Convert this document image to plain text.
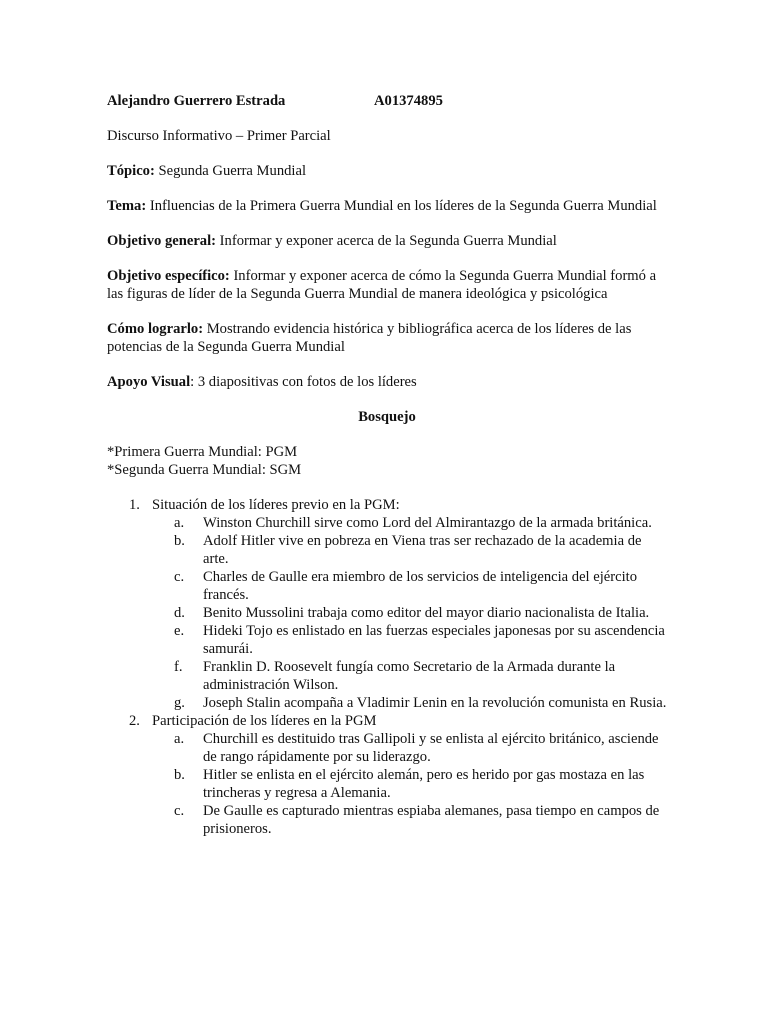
Alejandro Guerrero Estrada	A01374895

Discurso Informativo – Primer Parcial

Tópico: Segunda Guerra Mundial

Tema: Influencias de la Primera Guerra Mundial en los líderes de la Segunda Guerra Mundial

Objetivo general: Informar y exponer acerca de la Segunda Guerra Mundial

Objetivo específico: Informar y exponer acerca de cómo la Segunda Guerra Mundial formó a las figuras de líder de la Segunda Guerra Mundial de manera ideológica y psicológica

Cómo lograrlo: Mostrando evidencia histórica y bibliográfica acerca de los líderes de las potencias de la Segunda Guerra Mundial

Apoyo Visual: 3 diapositivas con fotos de los líderes

Bosquejo

*Primera Guerra Mundial: PGM

*Segunda Guerra Mundial: SGM

1. Situación de los líderes previo en la PGM:
a. Winston Churchill sirve como Lord del Almirantazgo de la armada británica.
b. Adolf Hitler vive en pobreza en Viena tras ser rechazado de la academia de arte.
c. Charles de Gaulle era miembro de los servicios de inteligencia del ejército francés.
d. Benito Mussolini trabaja como editor del mayor diario nacionalista de Italia.
e. Hideki Tojo es enlistado en las fuerzas especiales japonesas por su ascendencia samurái.
f. Franklin D. Roosevelt fungía como Secretario de la Armada durante la administración Wilson.
g. Joseph Stalin acompaña a Vladimir Lenin en la revolución comunista en Rusia.
2. Participación de los líderes en la PGM
a. Churchill es destituido tras Gallipoli y se enlista al ejército británico, asciende de rango rápidamente por su liderazgo.
b. Hitler se enlista en el ejército alemán, pero es herido por gas mostaza en las trincheras y regresa a Alemania.
c. De Gaulle es capturado mientras espiaba alemanes, pasa tiempo en campos de prisioneros.
